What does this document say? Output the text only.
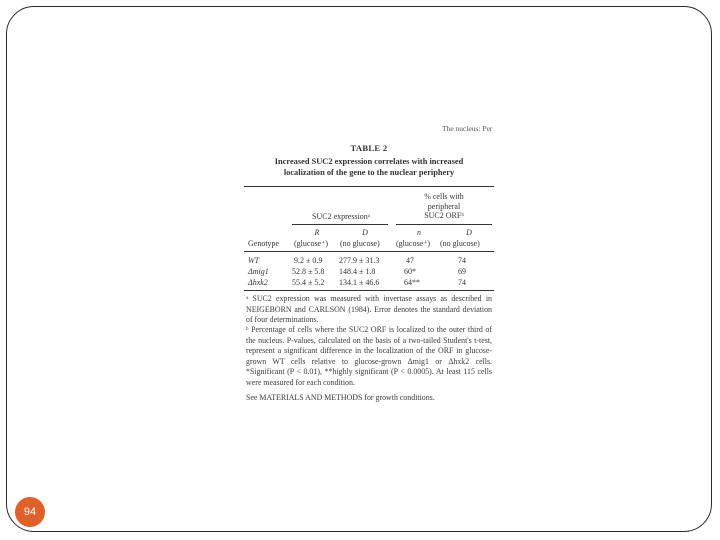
The nucleus: Per
TABLE 2
Increased SUC2 expression correlates with increased
localization of the gene to the nuclear periphery
% cells with
peripheral
SUC2 ORFᵇ
SUC2 expressionᵃ
R	D	n	D
Genotype (glucose⁺) (no glucose) (glucose⁺) (no glucose)
WT	9.2 ± 0.9 277.9 ± 31.3	47	74
Δmig1	52.8 ± 5.8 148.4 ± 1.8	60*	69
Δhxk2	55.4 ± 5.2 134.1 ± 46.6	64**	74
ᵃ SUC2 expression was measured with invertase assays as described in NEIGEBORN and CARLSON (1984). Error denotes the standard deviation of four determinations.
ᵇ Percentage of cells where the SUC2 ORF is localized to the outer third of the nucleus. P-values, calculated on the basis of a two-tailed Student's t-test, represent a significant difference in the localization of the ORF in glucose-grown WT cells relative to glucose-grown Δmig1 or Δhxk2 cells. *Significant (P < 0.01), **highly significant (P < 0.0005). At least 115 cells were measured for each condition.
See MATERIALS AND METHODS for growth conditions.
94
